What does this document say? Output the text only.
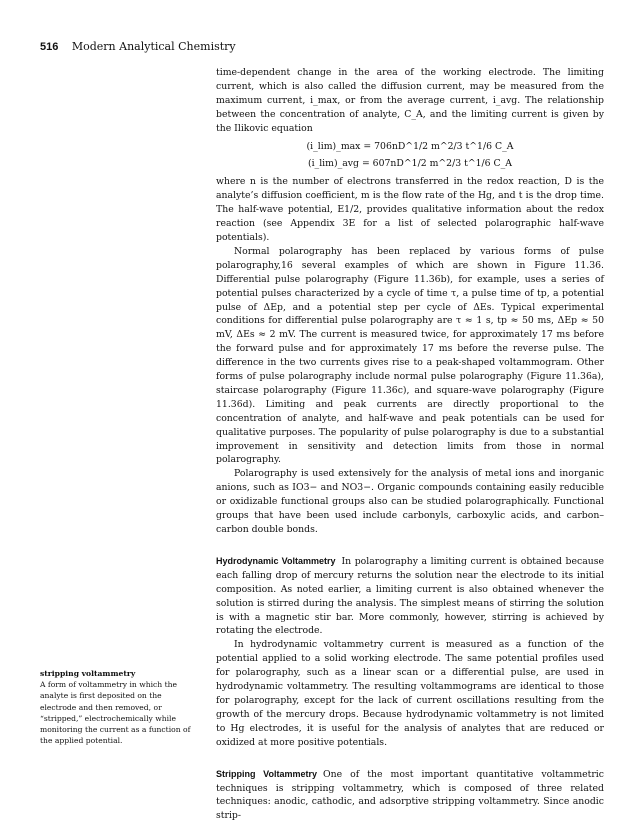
516 Modern Analytical Chemistry

time-dependent change in the area of the working electrode. The limiting current, which is also called the diffusion current, may be measured from the maximum current, i_max, or from the average current, i_avg. The relationship between the concentration of analyte, C_A, and the limiting current is given by the Ilikovic equation

(i_lim)_max = 706nD^1/2 m^2/3 t^1/6 C_A
(i_lim)_avg = 607nD^1/2 m^2/3 t^1/6 C_A

where n is the number of electrons transferred in the redox reaction, D is the analyte’s diffusion coefficient, m is the flow rate of the Hg, and t is the drop time. The half-wave potential, E1/2, provides qualitative information about the redox reaction (see Appendix 3E for a list of selected polarographic half-wave potentials).

Normal polarography has been replaced by various forms of pulse polarography,16 several examples of which are shown in Figure 11.36. Differential pulse polarography (Figure 11.36b), for example, uses a series of potential pulses characterized by a cycle of time τ, a pulse time of tp, a potential pulse of ΔEp, and a potential step per cycle of ΔEs. Typical experimental conditions for differential pulse polarography are τ ≈ 1 s, tp ≈ 50 ms, ΔEp ≈ 50 mV, ΔEs ≈ 2 mV. The current is measured twice, for approximately 17 ms before the forward pulse and for approximately 17 ms before the reverse pulse. The difference in the two currents gives rise to a peak-shaped voltammogram. Other forms of pulse polarography include normal pulse polarography (Figure 11.36a), staircase polarography (Figure 11.36c), and square-wave polarography (Figure 11.36d). Limiting and peak currents are directly proportional to the concentration of analyte, and half-wave and peak potentials can be used for qualitative purposes. The popularity of pulse polarography is due to a substantial improvement in sensitivity and detection limits from those in normal polarography.

Polarography is used extensively for the analysis of metal ions and inorganic anions, such as IO3− and NO3−. Organic compounds containing easily reducible or oxidizable functional groups also can be studied polarographically. Functional groups that have been used include carbonyls, carboxylic acids, and carbon–carbon double bonds.

Hydrodynamic Voltammetry In polarography a limiting current is obtained because each falling drop of mercury returns the solution near the electrode to its initial composition. As noted earlier, a limiting current is also obtained whenever the solution is stirred during the analysis. The simplest means of stirring the solution is with a magnetic stir bar. More commonly, however, stirring is achieved by rotating the electrode.

In hydrodynamic voltammetry current is measured as a function of the potential applied to a solid working electrode. The same potential profiles used for polarography, such as a linear scan or a differential pulse, are used in hydrodynamic voltammetry. The resulting voltammograms are identical to those for polarography, except for the lack of current oscillations resulting from the growth of the mercury drops. Because hydrodynamic voltammetry is not limited to Hg electrodes, it is useful for the analysis of analytes that are reduced or oxidized at more positive potentials.

Stripping Voltammetry One of the most important quantitative voltammetric techniques is stripping voltammetry, which is composed of three related techniques: anodic, cathodic, and adsorptive stripping voltammetry. Since anodic strip-

stripping voltammetry
A form of voltammetry in which the analyte is first deposited on the electrode and then removed, or “stripped,” electrochemically while monitoring the current as a function of the applied potential.
